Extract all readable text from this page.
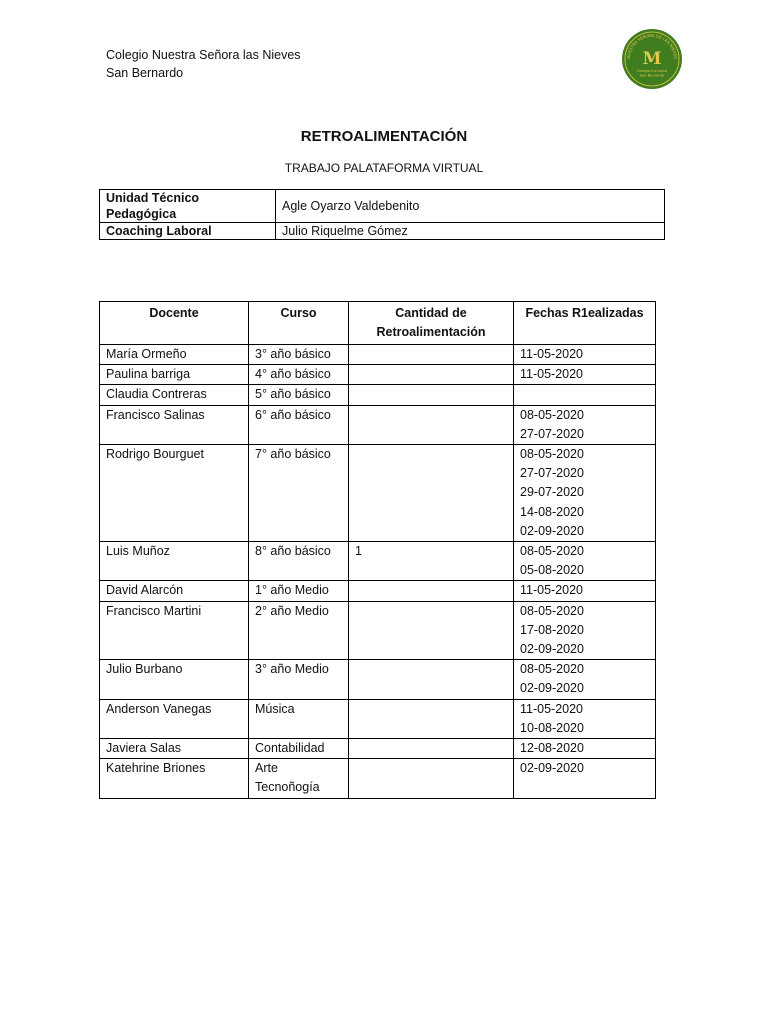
Colegio Nuestra Señora las Nieves
San Bernardo
NUESTRA SEÑORA DE LAS NIEVES
M
Colegio Inclusivo
San Bernardo
RETROALIMENTACIÓN
TRABAJO PALATAFORMA VIRTUAL
Unidad Técnico Pedagógica	Agle Oyarzo Valdebenito
Coaching Laboral	Julio Riquelme Gómez
Docente	Curso	Cantidad de Retroalimentación	Fechas R1ealizadas
María Ormeño	3° año básico		11-05-2020

Paulina barriga	4° año básico		11-05-2020

Claudia Contreras	5° año básico		
Francisco Salinas	6° año básico		08-05-2020
27-07-2020

Rodrigo Bourguet	7° año básico		08-05-2020
27-07-2020
29-07-2020
14-08-2020
02-09-2020

Luis Muñoz	8° año básico	1	08-05-2020
05-08-2020

David Alarcón	1° año Medio		11-05-2020

Francisco Martini	2° año Medio		08-05-2020
17-08-2020
02-09-2020

Julio Burbano	3° año Medio		08-05-2020
02-09-2020

Anderson Vanegas	Música		11-05-2020
10-08-2020

Javiera Salas	Contabilidad		12-08-2020

Katehrine Briones	Arte Tecnoñogía		02-09-2020
